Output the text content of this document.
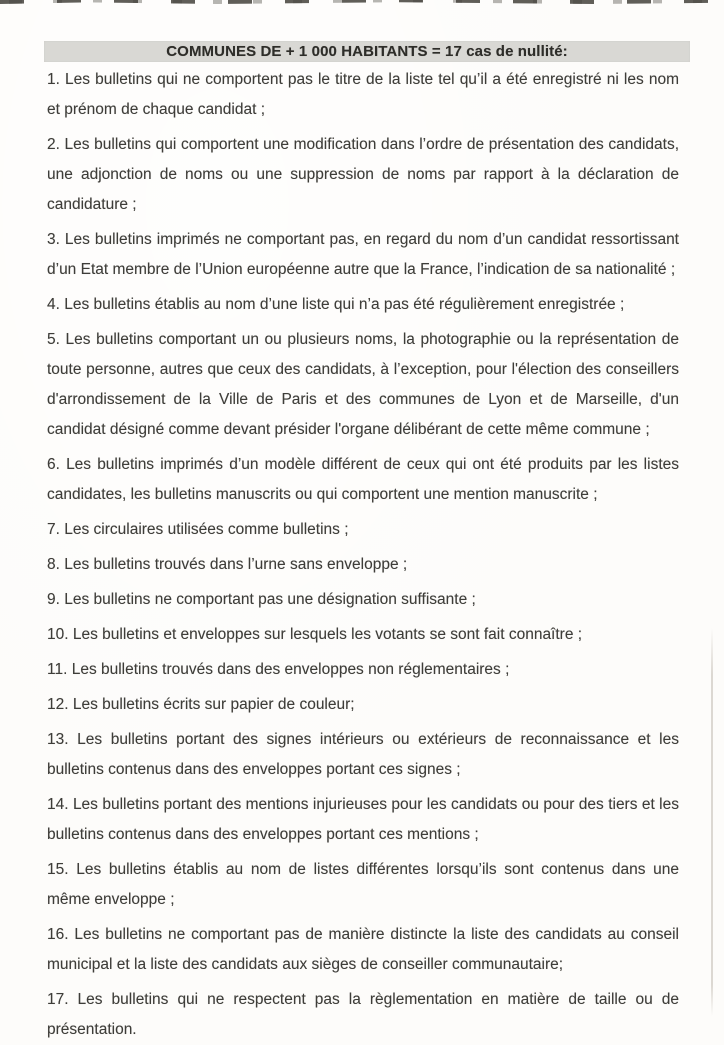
COMMUNES DE + 1 000 HABITANTS = 17 cas de nullité:

1. Les bulletins qui ne comportent pas le titre de la liste tel qu’il a été enregistré ni les nom et prénom de chaque candidat ;

2. Les bulletins qui comportent une modification dans l’ordre de présentation des candidats, une adjonction de noms ou une suppression de noms par rapport à la déclaration de candidature ;

3. Les bulletins imprimés ne comportant pas, en regard du nom d’un candidat ressortissant d’un Etat membre de l’Union européenne autre que la France, l’indication de sa nationalité ;

4. Les bulletins établis au nom d’une liste qui n’a pas été régulièrement enregistrée ;

5. Les bulletins comportant un ou plusieurs noms, la photographie ou la représentation de toute personne, autres que ceux des candidats, à l’exception, pour l'élection des conseillers d'arrondissement de la Ville de Paris et des communes de Lyon et de Marseille, d'un candidat désigné comme devant présider l'organe délibérant de cette même commune ;

6. Les bulletins imprimés d’un modèle différent de ceux qui ont été produits par les listes candidates, les bulletins manuscrits ou qui comportent une mention manuscrite ;

7. Les circulaires utilisées comme bulletins ;

8. Les bulletins trouvés dans l’urne sans enveloppe ;

9. Les bulletins ne comportant pas une désignation suffisante ;

10. Les bulletins et enveloppes sur lesquels les votants se sont fait connaître ;

11. Les bulletins trouvés dans des enveloppes non réglementaires ;

12. Les bulletins écrits sur papier de couleur;

13. Les bulletins portant des signes intérieurs ou extérieurs de reconnaissance et les bulletins contenus dans des enveloppes portant ces signes ;

14. Les bulletins portant des mentions injurieuses pour les candidats ou pour des tiers et les bulletins contenus dans des enveloppes portant ces mentions ;

15. Les bulletins établis au nom de listes différentes lorsqu’ils sont contenus dans une même enveloppe ;

16. Les bulletins ne comportant pas de manière distincte la liste des candidats au conseil municipal et la liste des candidats aux sièges de conseiller communautaire;

17. Les bulletins qui ne respectent pas la règlementation en matière de taille ou de présentation.
